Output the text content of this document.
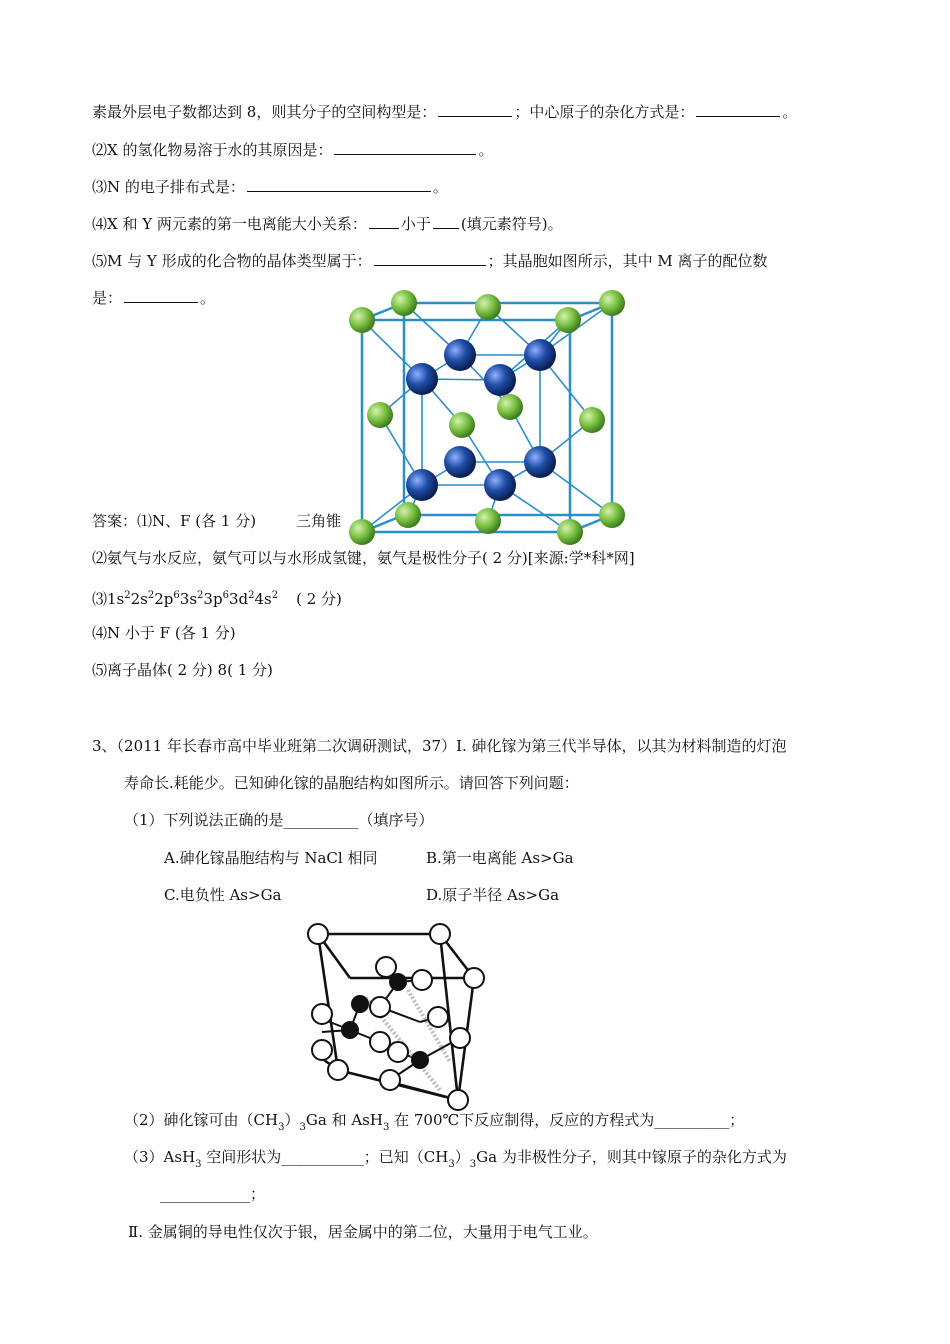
素最外层电子数都达到 8，则其分子的空间构型是：	；中心原子的杂化方式是：	。
⑵X 的氢化物易溶于水的其原因是：	。
⑶N 的电子排布式是：	。
⑷X 和 Y 两元素的第一电离能大小关系： 小于 (填元素符号)。
⑸M 与 Y 形成的化合物的晶体类型属于：	；其晶胞如图所示，其中 M 离子的配位数
是：	。
答案：⑴N、F (各 1 分)	三角锥
⑵氨气与水反应，氨气可以与水形成氢键，氨气是极性分子( 2 分)[来源:学*科*网]
$⑶1s^22s^22p^63s^23p^63d^24s^2$ ( 2 分)
⑷N 小于 F (各 1 分)
⑸离子晶体( 2 分) 8( 1 分)
3、（2011 年长春市高中毕业班第二次调研测试，37）Ⅰ. 砷化镓为第三代半导体，以其为材料制造的灯泡
寿命长.耗能少。已知砷化镓的晶胞结构如图所示。请回答下列问题：
（1）下列说法正确的是__________（填序号）
A.砷化镓晶胞结构与 NaCl 相同	B.第一电离能 As>Ga
C.电负性 As>Ga	D.原子半径 As>Ga
（2）砷化镓可由$(CH_3)_3Ga$ 和 AsH$_3$ 在 700℃下反应制得，反应的方程式为__________；
（3）AsH$_3$ 空间形状为___________；已知$(CH_3)_3Ga$ 为非极性分子，则其中镓原子的杂化方式为
____________；
Ⅱ. 金属铜的导电性仅次于银，居金属中的第二位，大量用于电气工业。
